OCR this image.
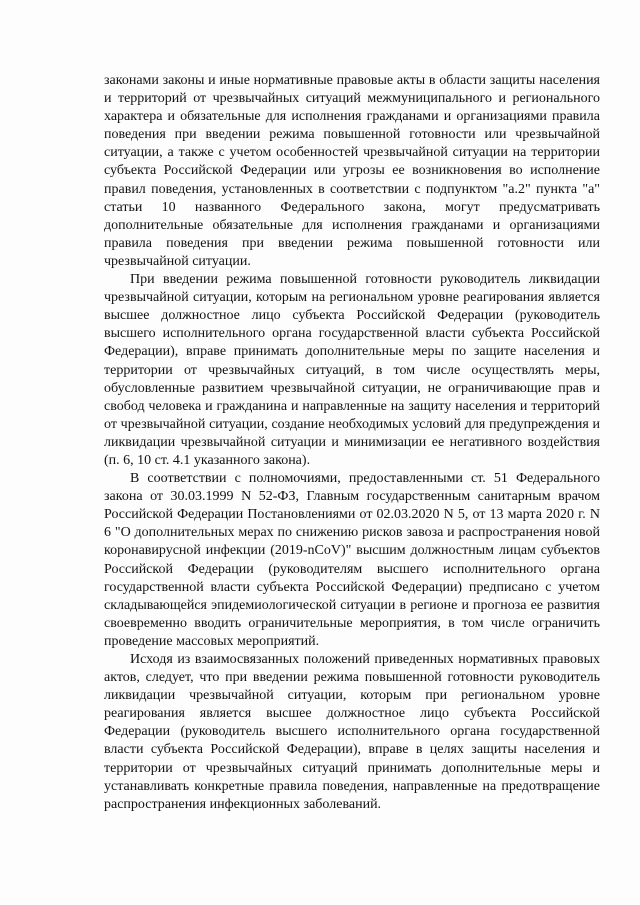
законами законы и иные нормативные правовые акты в области защиты населения и территорий от чрезвычайных ситуаций межмуниципального и регионального характера и обязательные для исполнения гражданами и организациями правила поведения при введении режима повышенной готовности или чрезвычайной ситуации, а также с учетом особенностей чрезвычайной ситуации на территории субъекта Российской Федерации или угрозы ее возникновения во исполнение правил поведения, установленных в соответствии с подпунктом "а.2" пункта "а" статьи 10 названного Федерального закона, могут предусматривать дополнительные обязательные для исполнения гражданами и организациями правила поведения при введении режима повышенной готовности или чрезвычайной ситуации.

При введении режима повышенной готовности руководитель ликвидации чрезвычайной ситуации, которым на региональном уровне реагирования является высшее должностное лицо субъекта Российской Федерации (руководитель высшего исполнительного органа государственной власти субъекта Российской Федерации), вправе принимать дополнительные меры по защите населения и территории от чрезвычайных ситуаций, в том числе осуществлять меры, обусловленные развитием чрезвычайной ситуации, не ограничивающие прав и свобод человека и гражданина и направленные на защиту населения и территорий от чрезвычайной ситуации, создание необходимых условий для предупреждения и ликвидации чрезвычайной ситуации и минимизации ее негативного воздействия (п. 6, 10 ст. 4.1 указанного закона).

В соответствии с полномочиями, предоставленными ст. 51 Федерального закона от 30.03.1999 N 52-ФЗ, Главным государственным санитарным врачом Российской Федерации Постановлениями от 02.03.2020 N 5, от 13 марта 2020 г. N 6 "О дополнительных мерах по снижению рисков завоза и распространения новой коронавирусной инфекции (2019-nCoV)" высшим должностным лицам субъектов Российской Федерации (руководителям высшего исполнительного органа государственной власти субъекта Российской Федерации) предписано с учетом складывающейся эпидемиологической ситуации в регионе и прогноза ее развития своевременно вводить ограничительные мероприятия, в том числе ограничить проведение массовых мероприятий.

Исходя из взаимосвязанных положений приведенных нормативных правовых актов, следует, что при введении режима повышенной готовности руководитель ликвидации чрезвычайной ситуации, которым при региональном уровне реагирования является высшее должностное лицо субъекта Российской Федерации (руководитель высшего исполнительного органа государственной власти субъекта Российской Федерации), вправе в целях защиты населения и территории от чрезвычайных ситуаций принимать дополнительные меры и устанавливать конкретные правила поведения, направленные на предотвращение распространения инфекционных заболеваний.
